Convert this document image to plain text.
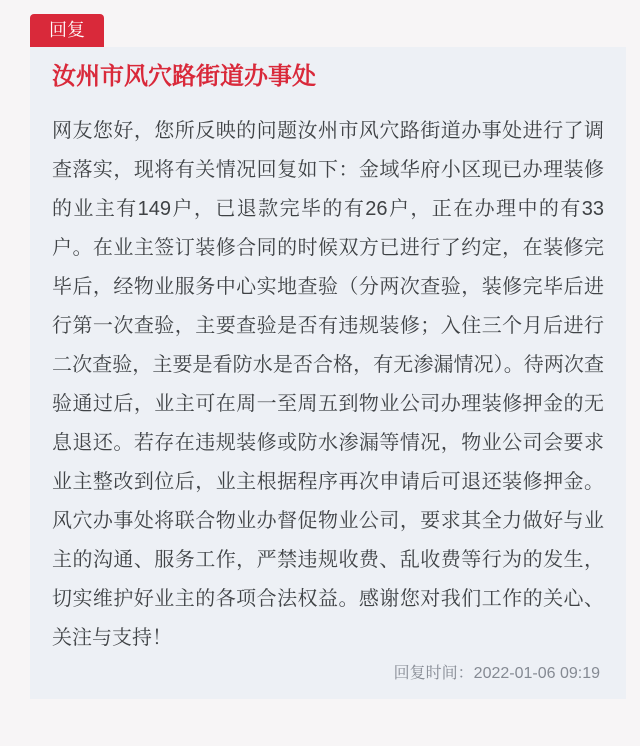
回复
汝州市风穴路街道办事处

网友您好，您所反映的问题汝州市风穴路街道办事处进行了调查落实，现将有关情况回复如下：金域华府小区现已办理装修的业主有149户，已退款完毕的有26户，正在办理中的有33户。在业主签订装修合同的时候双方已进行了约定，在装修完毕后，经物业服务中心实地查验（分两次查验，装修完毕后进行第一次查验，主要查验是否有违规装修；入住三个月后进行二次查验，主要是看防水是否合格，有无渗漏情况）。待两次查验通过后，业主可在周一至周五到物业公司办理装修押金的无息退还。若存在违规装修或防水渗漏等情况，物业公司会要求业主整改到位后，业主根据程序再次申请后可退还装修押金。风穴办事处将联合物业办督促物业公司，要求其全力做好与业主的沟通、服务工作，严禁违规收费、乱收费等行为的发生，切实维护好业主的各项合法权益。感谢您对我们工作的关心、关注与支持！

回复时间：2022-01-06 09:19
